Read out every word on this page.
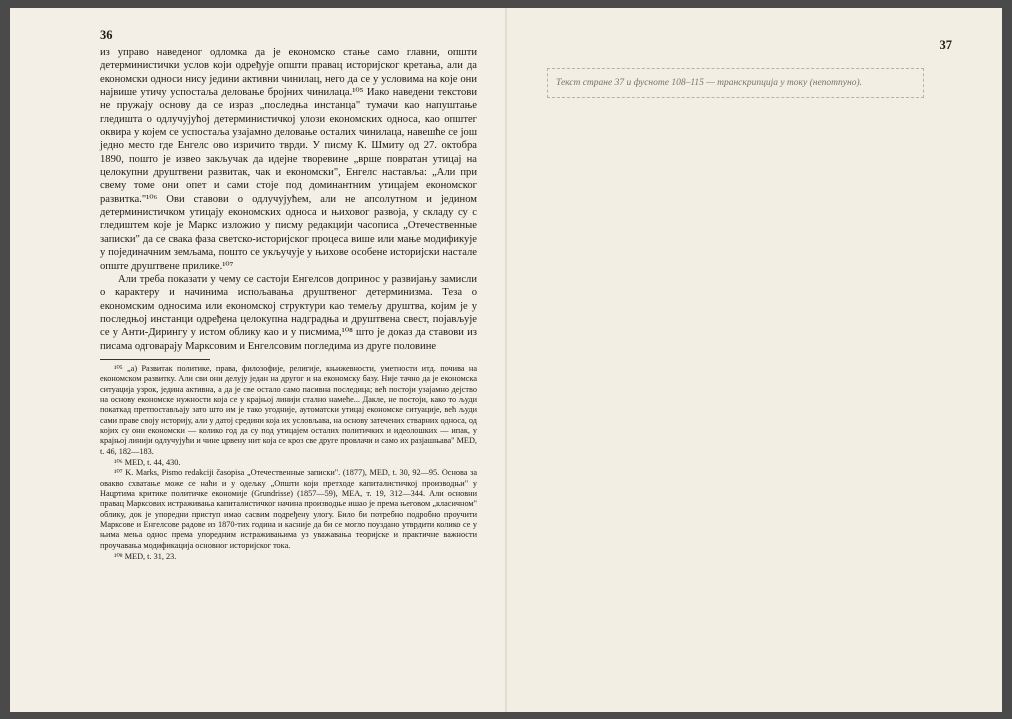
36

из управо наведеног одломка да је економско стање само главни, општи детерминистички услов који одређује општи правац историјског кретања, али да економски односи нису једини активни чинилац, него да се у условима на које они највише утичу успостаља деловање бројних чинилаца.¹⁰⁵ Иако наведени текстови не пружају основу да се израз „последња инстанца" тумачи као напуштање гледишта о одлучујућој детерминистичкој улози економских односа, као општег оквира у којем се успостаља узајамно деловање осталих чинилаца, навешће се још једно место где Енгелс ово изричито тврди. У писму К. Шмиту од 27. октобра 1890, пошто је извео закључак да идејне творевине „врше повратан утицај на целокупни друштвени развитак, чак и економски", Енгелс наставља: „Али при свему томе они опет и сами стоје под доминантним утицајем економског развитка."¹⁰⁶ Ови ставови о одлучујућем, али не апсолутном и једином детерминистичком утицају економских односа и њиховог развоја, у складу су с гледиштем које је Маркс изложио у писму редакцији часописа „Отечественные записки" да се свака фаза светско-историјског процеса више или мање модификује у појединачним земљама, пошто се укључује у њихове особене историјски настале опште друштвене прилике.¹⁰⁷

Али треба показати у чему се састоји Енгелсов допринос у развијању замисли о карактеру и начинима испољавања друштвеног детерминизма. Теза о економским односима или економској структури као темељу друштва, којим је у последњој инстанци одређена целокупна надградња и друштвена свест, појављује се у Анти-Дирингу у истом облику као и у писмима,¹⁰⁸ што је доказ да ставови из писама одговарају Марксовим и Енгелсовим погледима из друге половине

¹⁰⁵ „а) Развитак политике, права, филозофије, религије, књижевности, уметности итд. почива на економском развитку. Али сви они делују један на другог и на економску базу. Није тачно да је економска ситуација узрок, једина активна, а да је све остало само пасивна последица; већ постоји узајамно дејство на основу економске нужности која се у крајњој линији стално намеће... Дакле, не постоји, како то људи покаткад претпостављају зато што им је тако угодније, аутоматски утицај економске ситуације, већ људи сами праве своју историју, али у датој средини која их условљава, на основу затечених стварних односа, од којих су они економски — колико год да су под утицајем осталих политичких и идеолошких — ипак, у крајњој линији одлучујући и чине црвену нит која се кроз све друге провлачи и само их разјашњава" MED, t. 46, 182—183.

¹⁰⁶ MED, t. 44, 430.

¹⁰⁷ K. Marks, Pismo redakciji časopisa „Отечественные записки". (1877), MED, t. 30, 92—95. Основа за овакво схватање може се наћи и у одељку „Општи који претходе капиталистичкој производњи" у Нацртима критике политичке економије (Grundrisse) (1857—59), MEA, т. 19, 312—344. Али основни правац Марксових истраживања капиталистичког начина производње ишао је према његовом „класичном" облику, док је упоредни приступ имао сасвим подређену улогу. Било би потребно подробно проучити Марксове и Енгелсове радове из 1870-тих година и касније да би се могло поуздано утврдити колико се у њима мења однос према упоредним истраживањима уз уважавања теоријске и практичне важности проучавања модификација основног историјског тока.

¹⁰⁸ MED, t. 31, 23.

37
Текст стране 37 и фусноте 108–115 — транскрипција у току (непотпуно).
